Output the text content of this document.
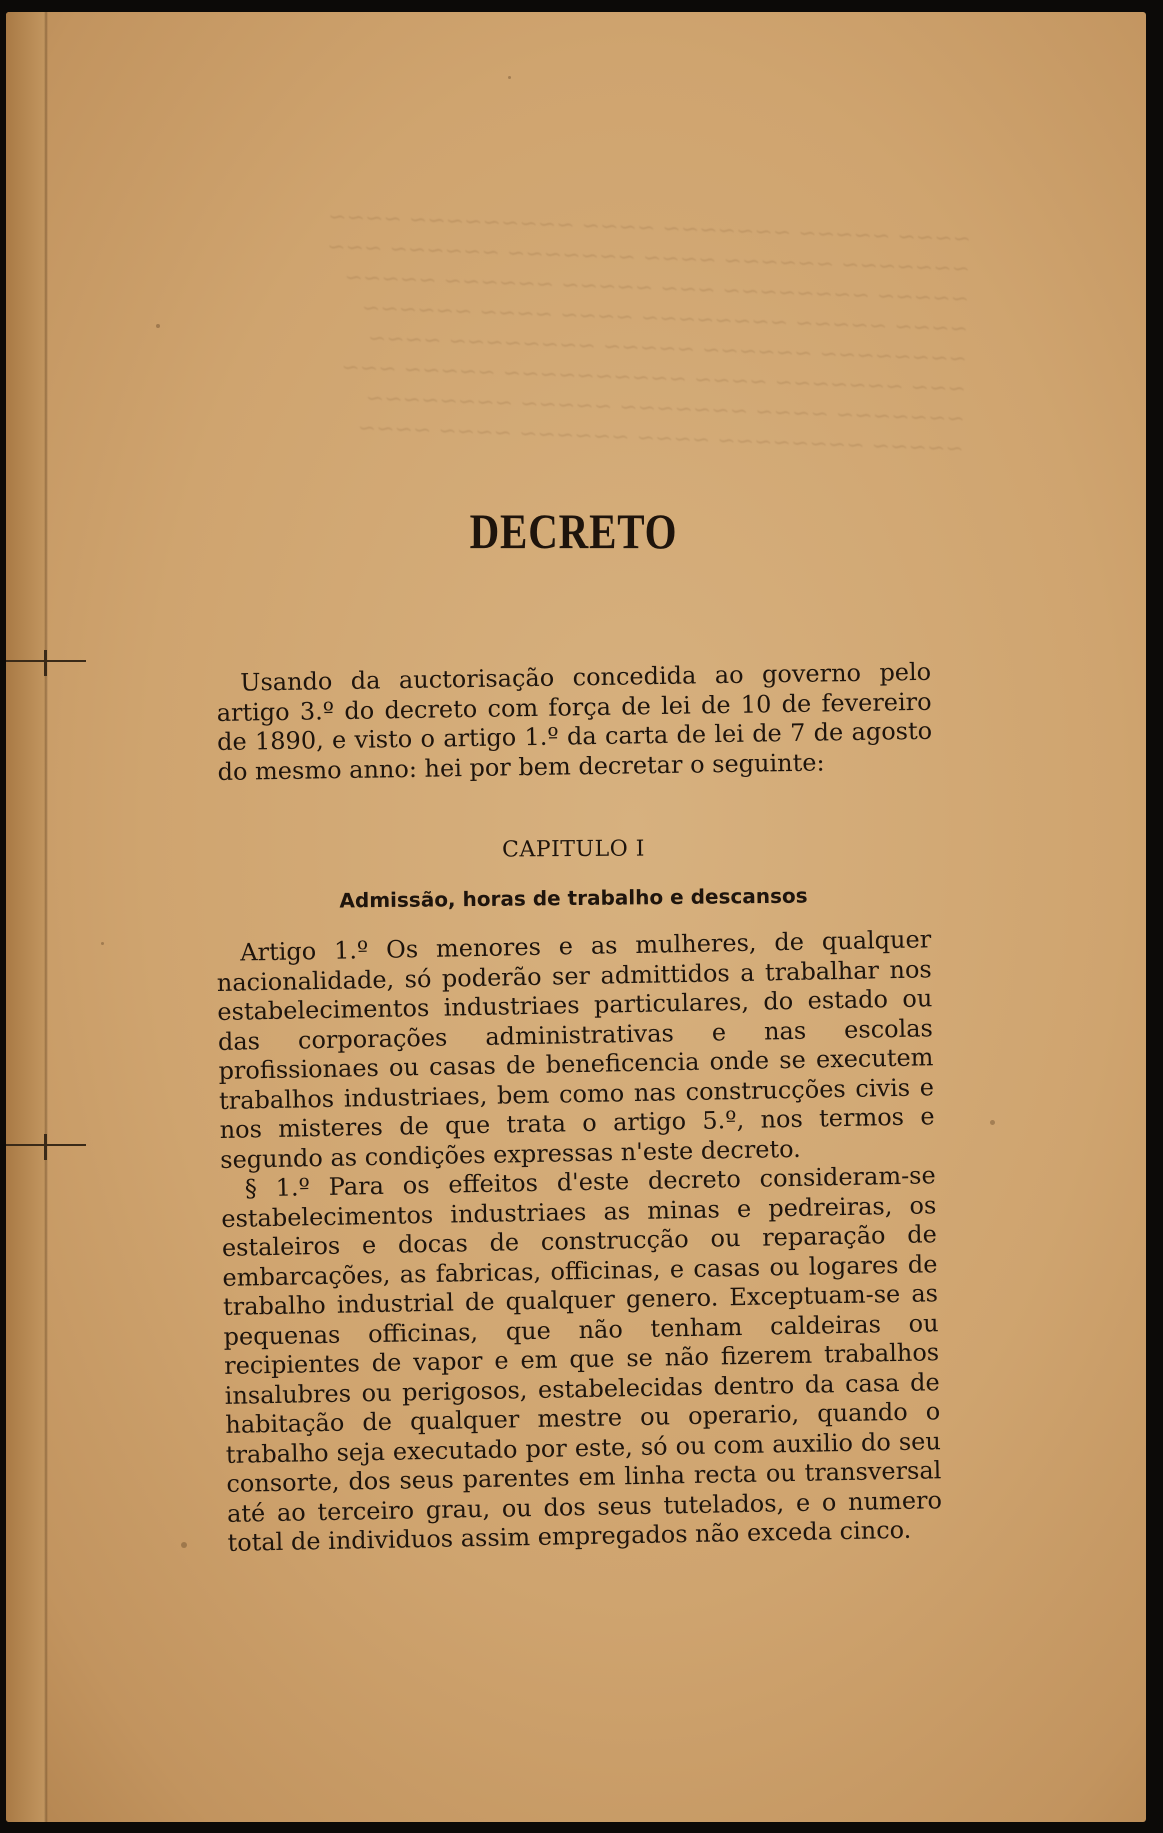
~~~~ ~~~~~ ~~~~~~~ ~~~~ ~~~~~~~~~ ~~~~
~~~~~~~ ~~~~~~ ~~~~ ~~~~~~~ ~~~~~~ ~~~
~~~~~ ~~~~~~~~ ~~~ ~~~~~ ~~~~~~ ~~~~~
~~~~ ~~~~~ ~~~~~~~~ ~~~~ ~~~~ ~~~~~~
~~~~~~~~ ~~~~~~ ~~~~~ ~~~~~~~~ ~~~~
~~~ ~~~~~~~ ~~~~ ~~~~~~~~~~ ~~~~~ ~~~
~~~~~~~ ~~~~ ~~~~~~~ ~~~~~ ~~~~~~~~
~~~~~ ~~~~~~~~ ~~~~ ~~~~~~ ~~~~ ~~~~
DECRETO

Usando da auctorisação concedida ao governo pelo artigo 3.º do decreto com força de lei de 10 de fevereiro de 1890, e visto o artigo 1.º da carta de lei de 7 de agosto do mesmo anno: hei por bem decretar o seguinte:

CAPITULO I

Admissão, horas de trabalho e descansos

Artigo 1.º Os menores e as mulheres, de qualquer nacionalidade, só poderão ser admittidos a trabalhar nos estabelecimentos industriaes particulares, do estado ou das corporações administrativas e nas escolas profissionaes ou casas de beneficencia onde se executem trabalhos industriaes, bem como nas construcções civis e nos misteres de que trata o artigo 5.º, nos termos e segundo as condições expressas n'este decreto.

§ 1.º Para os effeitos d'este decreto consideram-se estabelecimentos industriaes as minas e pedreiras, os estaleiros e docas de construcção ou reparação de embarcações, as fabricas, officinas, e casas ou logares de trabalho industrial de qualquer genero. Exceptuam-se as pequenas officinas, que não tenham caldeiras ou recipientes de vapor e em que se não fizerem trabalhos insalubres ou perigosos, estabelecidas dentro da casa de habitação de qualquer mestre ou operario, quando o trabalho seja executado por este, só ou com auxilio do seu consorte, dos seus parentes em linha recta ou transversal até ao terceiro grau, ou dos seus tutelados, e o numero total de individuos assim empregados não exceda cinco.
